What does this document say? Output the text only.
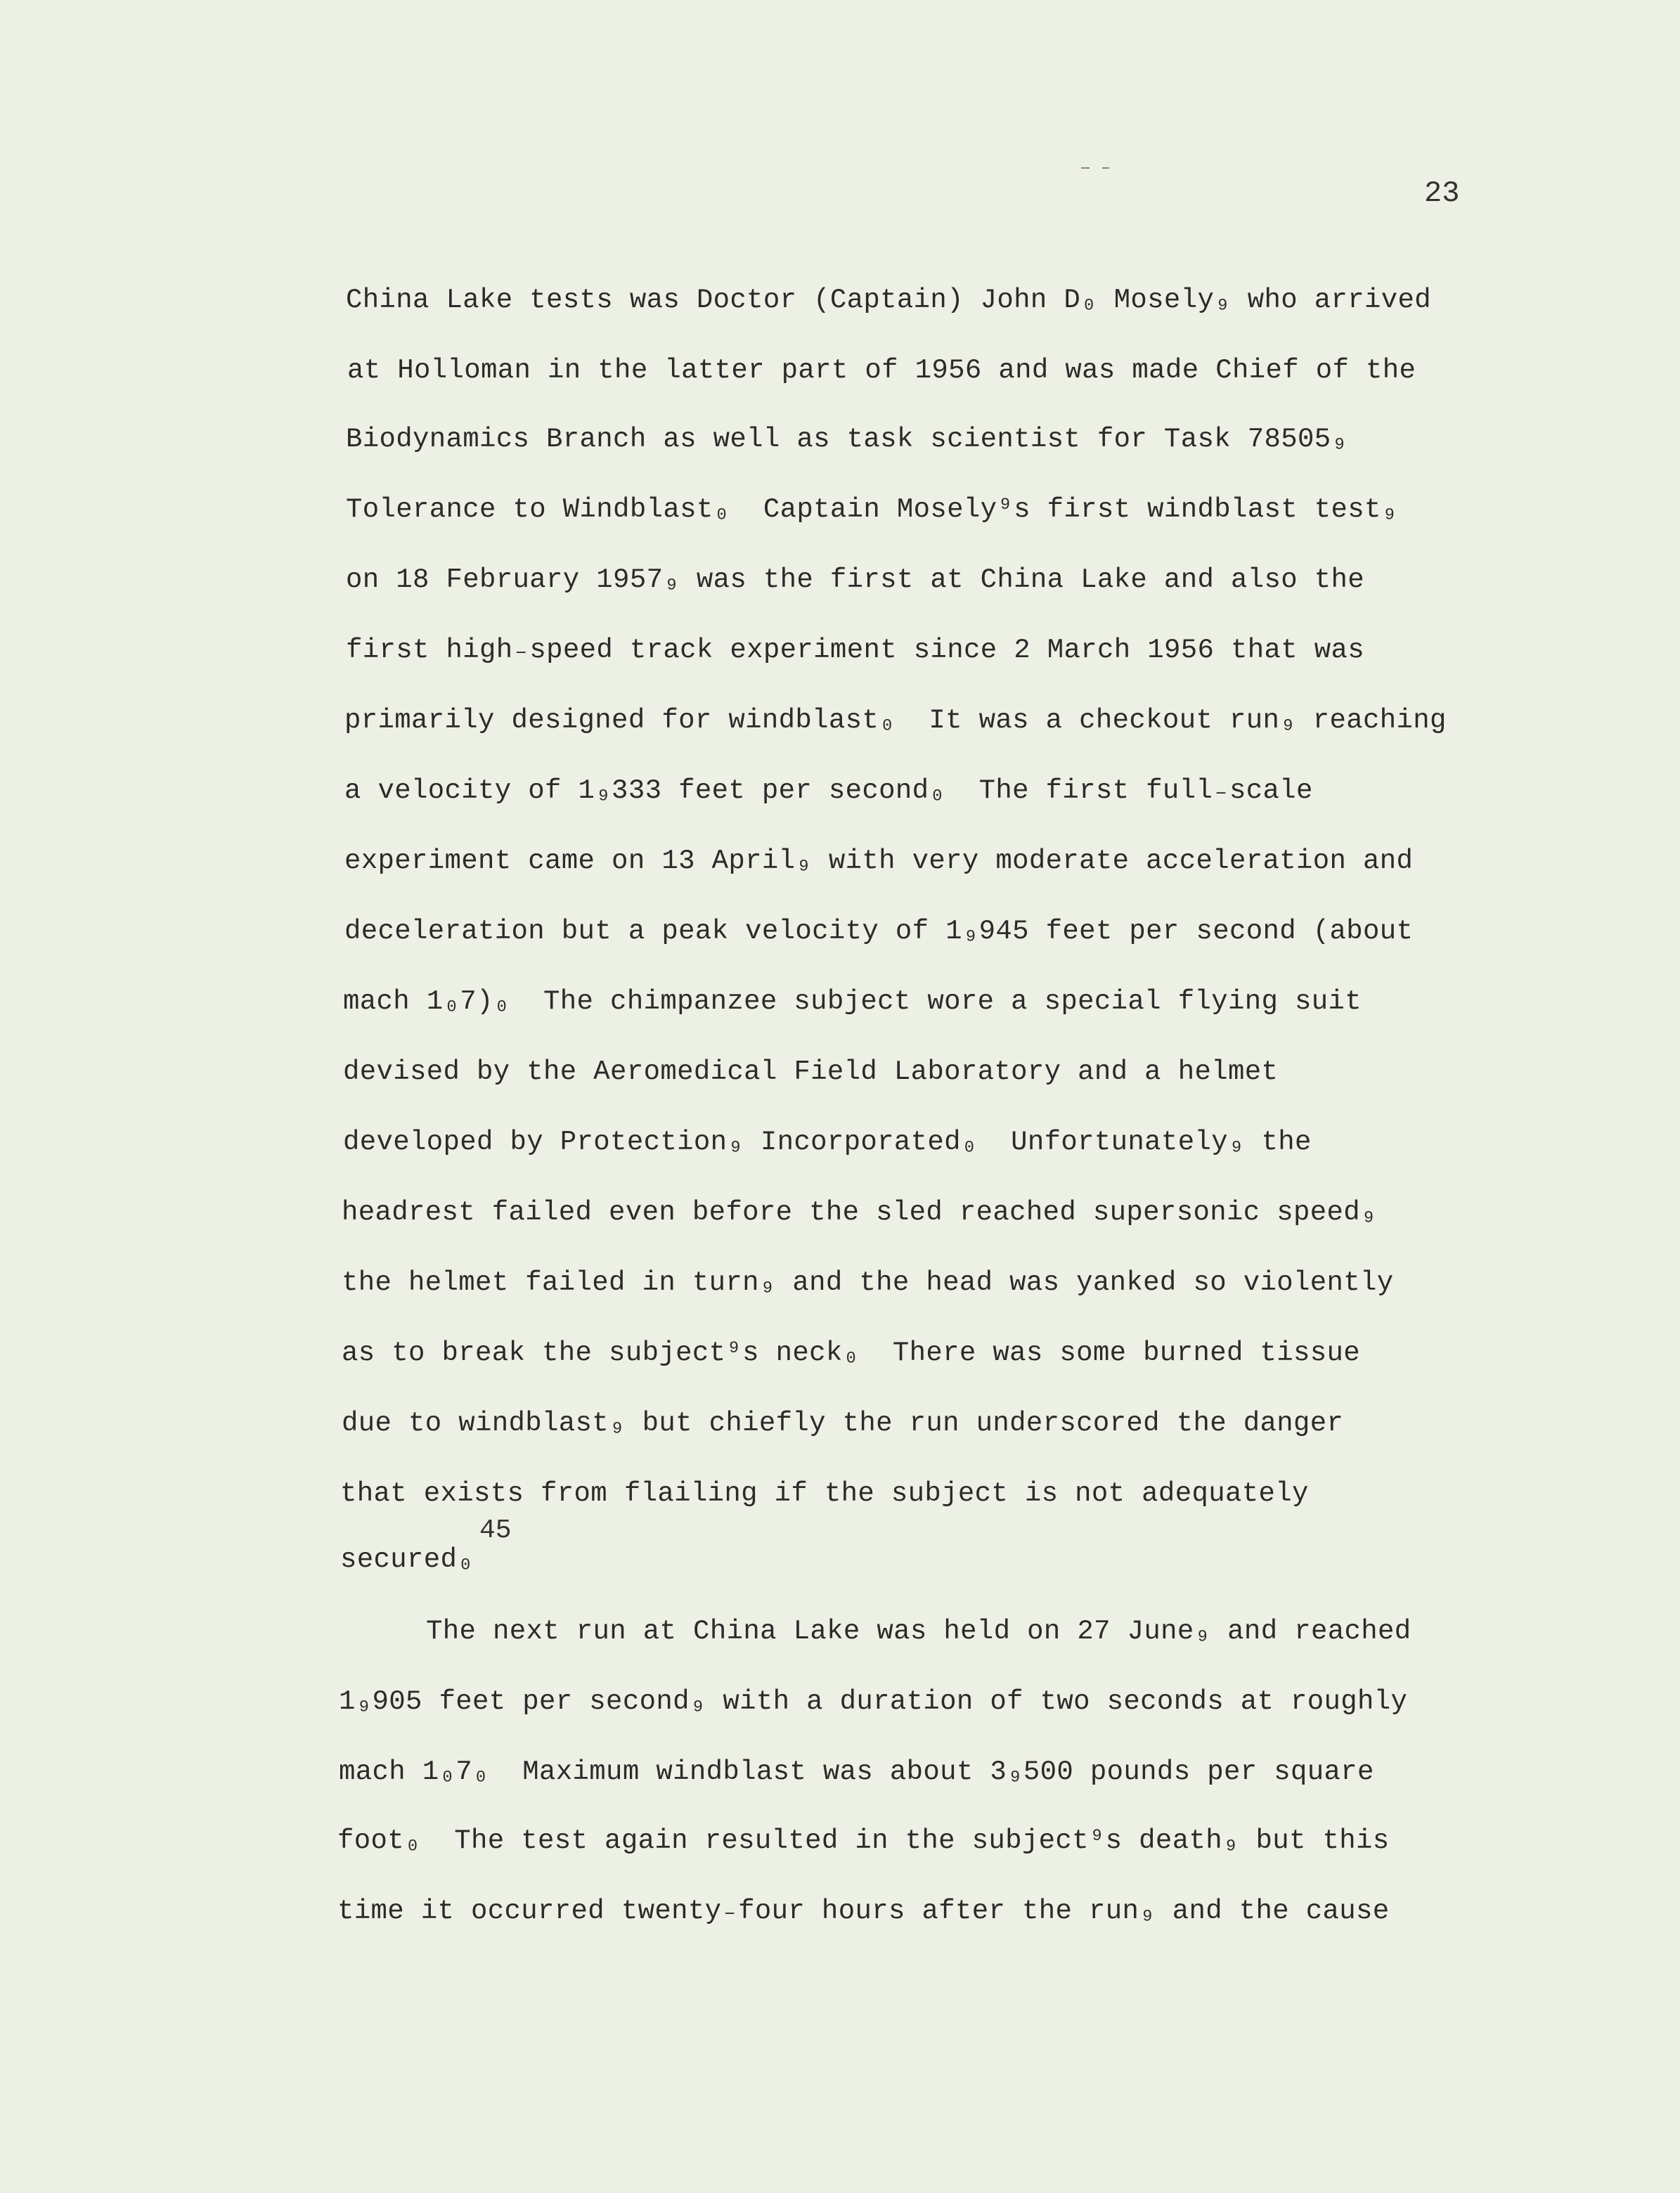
23
China Lake tests was Doctor (Captain) John D₀ Mosely₉ who arrived
at Holloman in the latter part of 1956 and was made Chief of the
Biodynamics Branch as well as task scientist for Task 78505₉
Tolerance to Windblast₀  Captain Mosely⁹s first windblast test₉
on 18 February 1957₉ was the first at China Lake and also the
first high₋speed track experiment since 2 March 1956 that was
primarily designed for windblast₀  It was a checkout run₉ reaching
a velocity of 1₉333 feet per second₀  The first full₋scale
experiment came on 13 April₉ with very moderate acceleration and
deceleration but a peak velocity of 1₉945 feet per second (about
mach 1₀7)₀  The chimpanzee subject wore a special flying suit
devised by the Aeromedical Field Laboratory and a helmet
developed by Protection₉ Incorporated₀  Unfortunately₉ the
headrest failed even before the sled reached supersonic speed₉
the helmet failed in turn₉ and the head was yanked so violently
as to break the subject⁹s neck₀  There was some burned tissue
due to windblast₉ but chiefly the run underscored the danger
that exists from flailing if the subject is not adequately
secured₀
45
The next run at China Lake was held on 27 June₉ and reached
1₉905 feet per second₉ with a duration of two seconds at roughly
mach 1₀7₀  Maximum windblast was about 3₉500 pounds per square
foot₀  The test again resulted in the subject⁹s death₉ but this
time it occurred twenty₋four hours after the run₉ and the cause
